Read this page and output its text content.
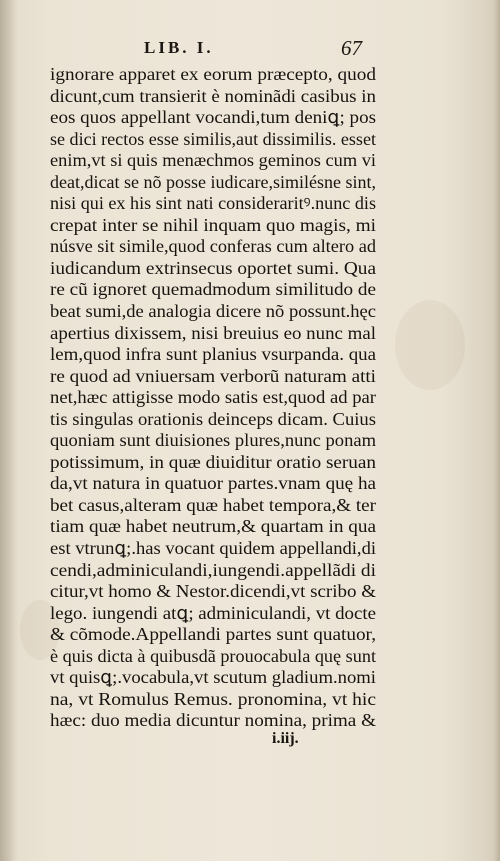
LIB. I.	67
ignorare apparet ex eorum præcepto, quod
dicunt,cum transierit è nominãdi casibus in
eos quos appellant vocandi,tum deniꝗ; pos
se dici rectos esse similis,aut dissimilis. esset
enim,vt si quis menæchmos geminos cum vi
deat,dicat se nõ posse iudicare,similésne sint,
nisi qui ex his sint nati consideraritꝰ.nunc dis
crepat inter se nihil inquam quo magis, mi
núsve sit simile,quod conferas cum altero ad
iudicandum extrinsecus oportet sumi. Qua
re cũ ignoret quemadmodum similitudo de
beat sumi,de analogia dicere nõ possunt.hęc
apertius dixissem, nisi breuius eo nunc mal
lem,quod infra sunt planius vsurpanda. qua
re quod ad vniuersam verborũ naturam atti
net,hæc attigisse modo satis est,quod ad par
tis singulas orationis deinceps dicam. Cuius
quoniam sunt diuisiones plures,nunc ponam
potissimum, in quæ diuiditur oratio seruan
da,vt natura in quatuor partes.vnam quę ha
bet casus,alteram quæ habet tempora,& ter
tiam quæ habet neutrum,& quartam in qua
est vtrunꝗ;.has vocant quidem appellandi,di
cendi,adminiculandi,iungendi.appellãdi di
citur,vt homo & Nestor.dicendi,vt scribo &
lego. iungendi atꝗ; adminiculandi, vt docte
& cõmode.Appellandi partes sunt quatuor,
è quis dicta à quibusdã prouocabula quę sunt
vt quisꝗ;.vocabula,vt scutum gladium.nomi
na, vt Romulus Remus. pronomina, vt hic
hæc: duo media dicuntur nomina, prima &
i.iij.
